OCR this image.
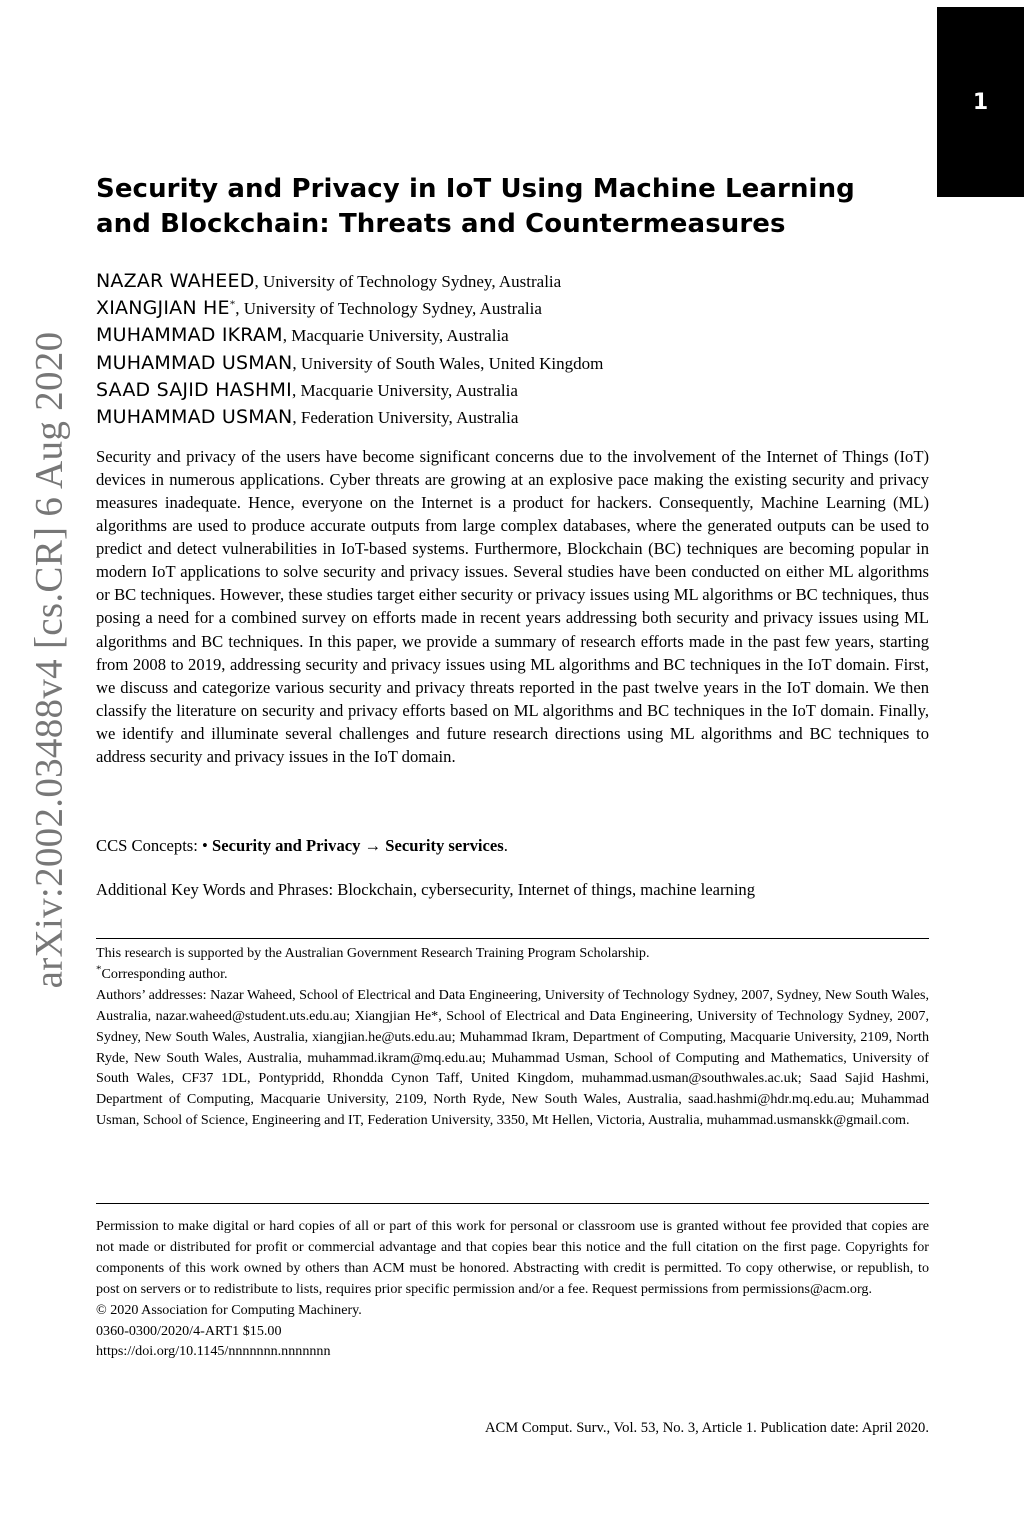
1
arXiv:2002.03488v4 [cs.CR] 6 Aug 2020
Security and Privacy in IoT Using Machine Learning and Blockchain: Threats and Countermeasures
NAZAR WAHEED, University of Technology Sydney, Australia
XIANGJIAN HE*, University of Technology Sydney, Australia
MUHAMMAD IKRAM, Macquarie University, Australia
MUHAMMAD USMAN, University of South Wales, United Kingdom
SAAD SAJID HASHMI, Macquarie University, Australia
MUHAMMAD USMAN, Federation University, Australia

Security and privacy of the users have become significant concerns due to the involvement of the Internet of Things (IoT) devices in numerous applications. Cyber threats are growing at an explosive pace making the existing security and privacy measures inadequate. Hence, everyone on the Internet is a product for hackers. Consequently, Machine Learning (ML) algorithms are used to produce accurate outputs from large complex databases, where the generated outputs can be used to predict and detect vulnerabilities in IoT-based systems. Furthermore, Blockchain (BC) techniques are becoming popular in modern IoT applications to solve security and privacy issues. Several studies have been conducted on either ML algorithms or BC techniques. However, these studies target either security or privacy issues using ML algorithms or BC techniques, thus posing a need for a combined survey on efforts made in recent years addressing both security and privacy issues using ML algorithms and BC techniques. In this paper, we provide a summary of research efforts made in the past few years, starting from 2008 to 2019, addressing security and privacy issues using ML algorithms and BC techniques in the IoT domain. First, we discuss and categorize various security and privacy threats reported in the past twelve years in the IoT domain. We then classify the literature on security and privacy efforts based on ML algorithms and BC techniques in the IoT domain. Finally, we identify and illuminate several challenges and future research directions using ML algorithms and BC techniques to address security and privacy issues in the IoT domain.

CCS Concepts: • Security and Privacy → Security services.
Additional Key Words and Phrases: Blockchain, cybersecurity, Internet of things, machine learning

This research is supported by the Australian Government Research Training Program Scholarship.

*Corresponding author.

Authors’ addresses: Nazar Waheed, School of Electrical and Data Engineering, University of Technology Sydney, 2007, Sydney, New South Wales, Australia, nazar.waheed@student.uts.edu.au; Xiangjian He*, School of Electrical and Data Engineering, University of Technology Sydney, 2007, Sydney, New South Wales, Australia, xiangjian.he@uts.edu.au; Muhammad Ikram, Department of Computing, Macquarie University, 2109, North Ryde, New South Wales, Australia, muhammad.ikram@mq.edu.au; Muhammad Usman, School of Computing and Mathematics, University of South Wales, CF37 1DL, Pontypridd, Rhondda Cynon Taff, United Kingdom, muhammad.usman@southwales.ac.uk; Saad Sajid Hashmi, Department of Computing, Macquarie University, 2109, North Ryde, New South Wales, Australia, saad.hashmi@hdr.mq.edu.au; Muhammad Usman, School of Science, Engineering and IT, Federation University, 3350, Mt Hellen, Victoria, Australia, muhammad.usmanskk@gmail.com.

Permission to make digital or hard copies of all or part of this work for personal or classroom use is granted without fee provided that copies are not made or distributed for profit or commercial advantage and that copies bear this notice and the full citation on the first page. Copyrights for components of this work owned by others than ACM must be honored. Abstracting with credit is permitted. To copy otherwise, or republish, to post on servers or to redistribute to lists, requires prior specific permission and/or a fee. Request permissions from permissions@acm.org.

© 2020 Association for Computing Machinery.

0360-0300/2020/4-ART1 $15.00

https://doi.org/10.1145/nnnnnnn.nnnnnnn

ACM Comput. Surv., Vol. 53, No. 3, Article 1. Publication date: April 2020.
